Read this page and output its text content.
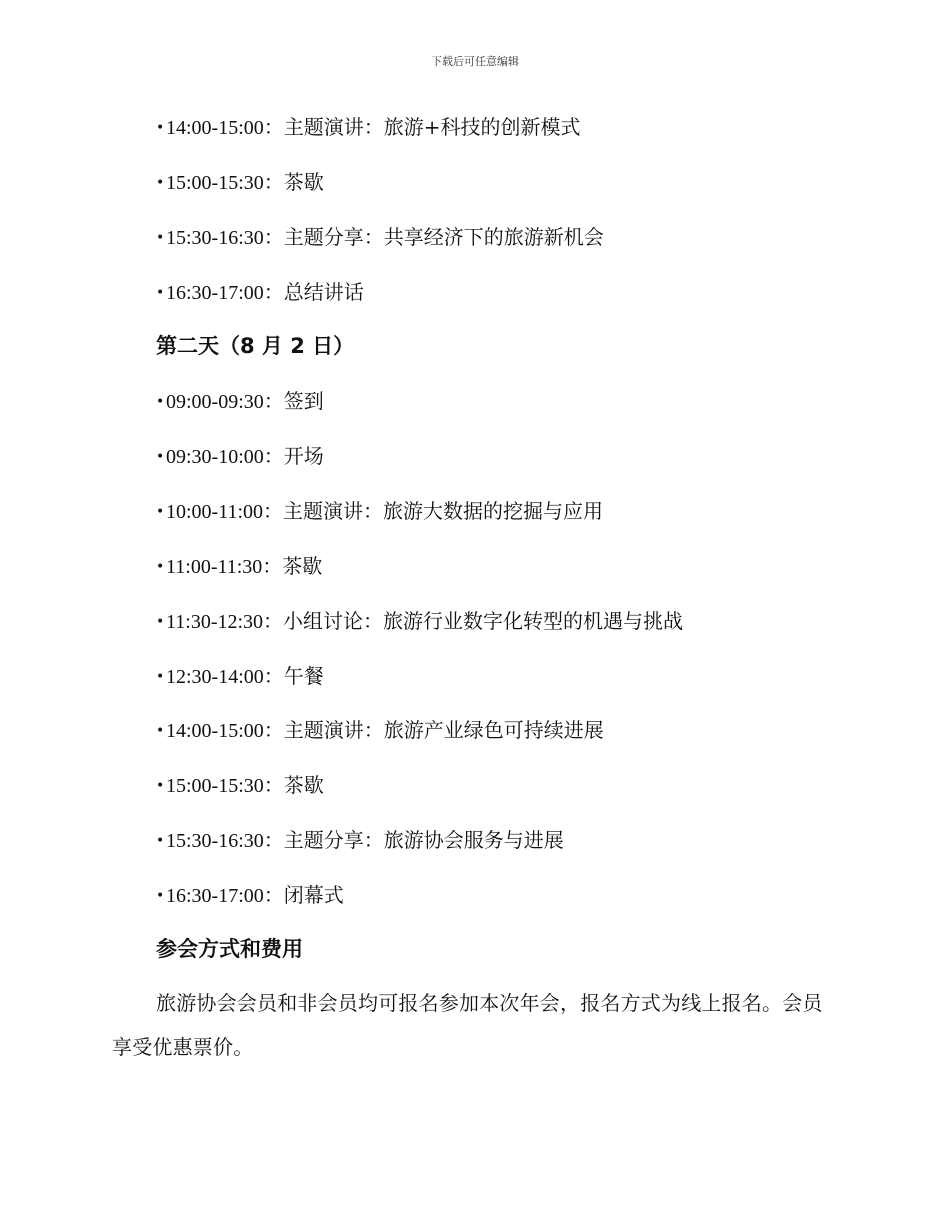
下载后可任意编辑
•14:00-15:00：主题演讲：旅游+科技的创新模式
•15:00-15:30：茶歇
•15:30-16:30：主题分享：共享经济下的旅游新机会
•16:30-17:00：总结讲话
第二天（8 月 2 日）
•09:00-09:30：签到
•09:30-10:00：开场
•10:00-11:00：主题演讲：旅游大数据的挖掘与应用
•11:00-11:30：茶歇
•11:30-12:30：小组讨论：旅游行业数字化转型的机遇与挑战
•12:30-14:00：午餐
•14:00-15:00：主题演讲：旅游产业绿色可持续进展
•15:00-15:30：茶歇
•15:30-16:30：主题分享：旅游协会服务与进展
•16:30-17:00：闭幕式
参会方式和费用
旅游协会会员和非会员均可报名参加本次年会，报名方式为线上报名。会员享受优惠票价。
